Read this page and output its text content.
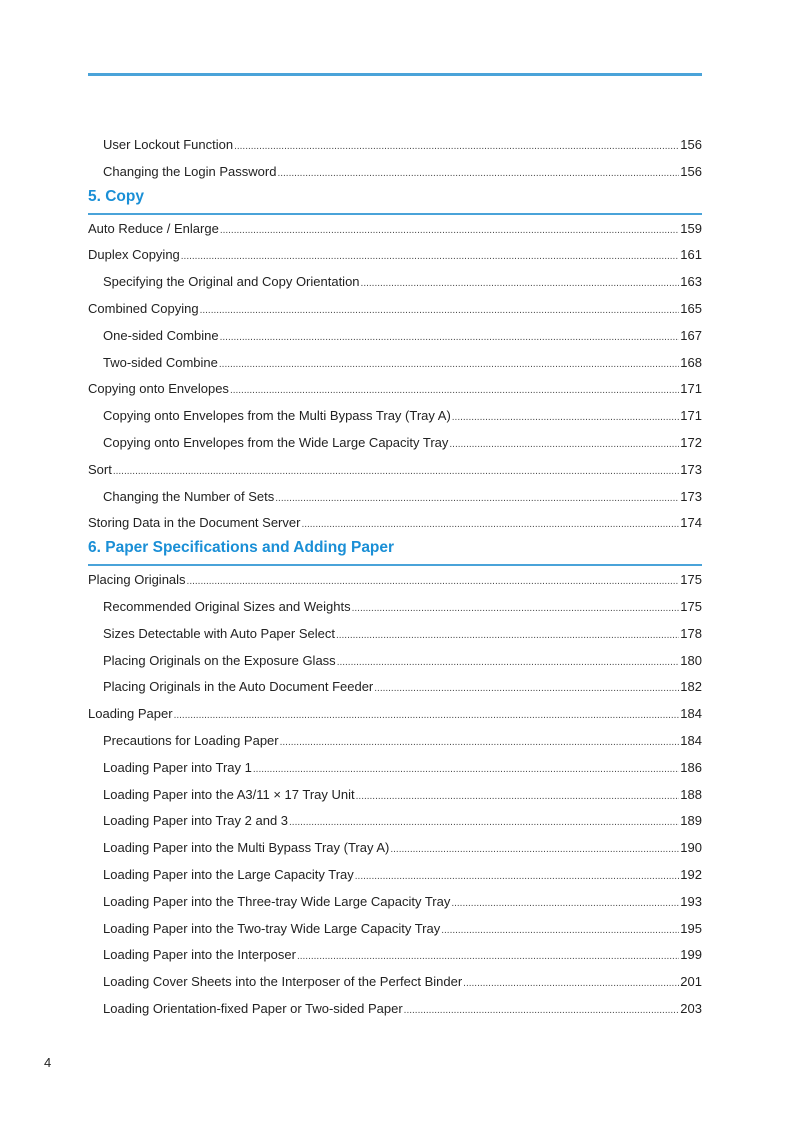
User Lockout Function .....	156
Changing the Login Password .....	156
5. Copy
Auto Reduce / Enlarge .....	159
Duplex Copying .....	161
Specifying the Original and Copy Orientation .....	163
Combined Copying .....	165
One-sided Combine .....	167
Two-sided Combine .....	168
Copying onto Envelopes .....	171
Copying onto Envelopes from the Multi Bypass Tray (Tray A) .....	171
Copying onto Envelopes from the Wide Large Capacity Tray .....	172
Sort .....	173
Changing the Number of Sets .....	173
Storing Data in the Document Server .....	174
6. Paper Specifications and Adding Paper
Placing Originals .....	175
Recommended Original Sizes and Weights .....	175
Sizes Detectable with Auto Paper Select .....	178
Placing Originals on the Exposure Glass .....	180
Placing Originals in the Auto Document Feeder .....	182
Loading Paper .....	184
Precautions for Loading Paper .....	184
Loading Paper into Tray 1 .....	186
Loading Paper into the A3/11 × 17 Tray Unit .....	188
Loading Paper into Tray 2 and 3 .....	189
Loading Paper into the Multi Bypass Tray (Tray A) .....	190
Loading Paper into the Large Capacity Tray .....	192
Loading Paper into the Three-tray Wide Large Capacity Tray .....	193
Loading Paper into the Two-tray Wide Large Capacity Tray .....	195
Loading Paper into the Interposer .....	199
Loading Cover Sheets into the Interposer of the Perfect Binder .....	201
Loading Orientation-fixed Paper or Two-sided Paper .....	203
4
